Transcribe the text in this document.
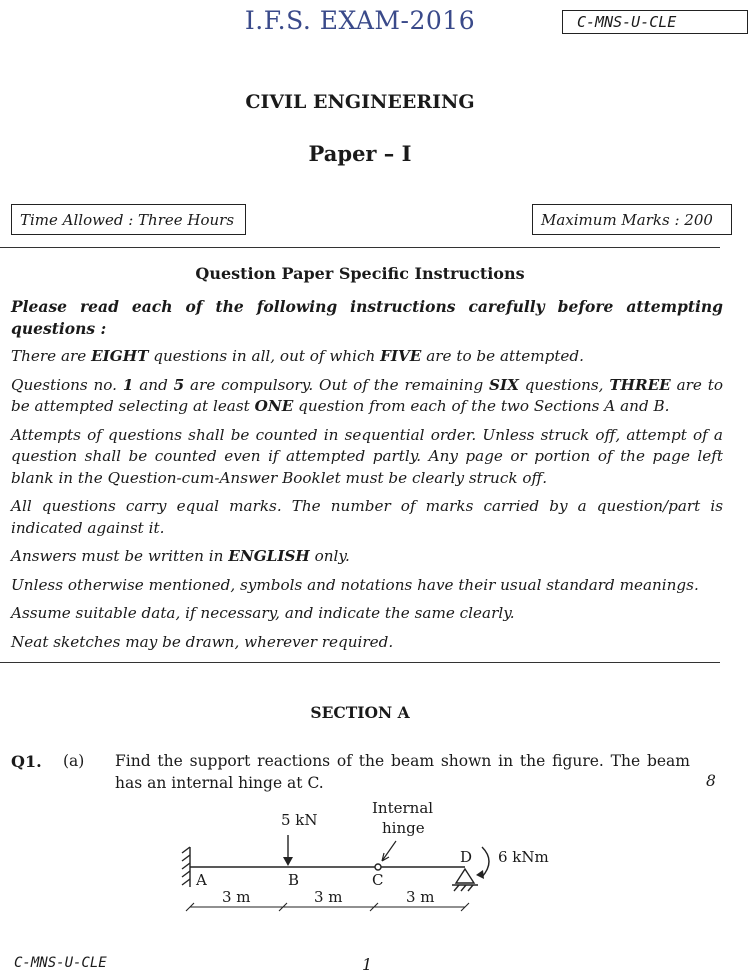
I.F.S. EXAM-2016	C-MNS-U-CLE
CIVIL ENGINEERING
Paper – I
Time Allowed : Three Hours	Maximum Marks : 200
Question Paper Specific Instructions

Please read each of the following instructions carefully before attempting questions :

There are EIGHT questions in all, out of which FIVE are to be attempted.

Questions no. 1 and 5 are compulsory. Out of the remaining SIX questions, THREE are to be attempted selecting at least ONE question from each of the two Sections A and B.

Attempts of questions shall be counted in sequential order. Unless struck off, attempt of a question shall be counted even if attempted partly. Any page or portion of the page left blank in the Question-cum-Answer Booklet must be clearly struck off.

All questions carry equal marks. The number of marks carried by a question/part is indicated against it.

Answers must be written in ENGLISH only.

Unless otherwise mentioned, symbols and notations have their usual standard meanings.

Assume suitable data, if necessary, and indicate the same clearly.

Neat sketches may be drawn, wherever required.

SECTION A
Q1. (a) Find the support reactions of the beam shown in the figure. The beam has an internal hinge at C.	8
5 kN
Internal
hinge
6 kNm
A	B	C
D
3 m	3 m	3 m
C-MNS-U-CLE	1
